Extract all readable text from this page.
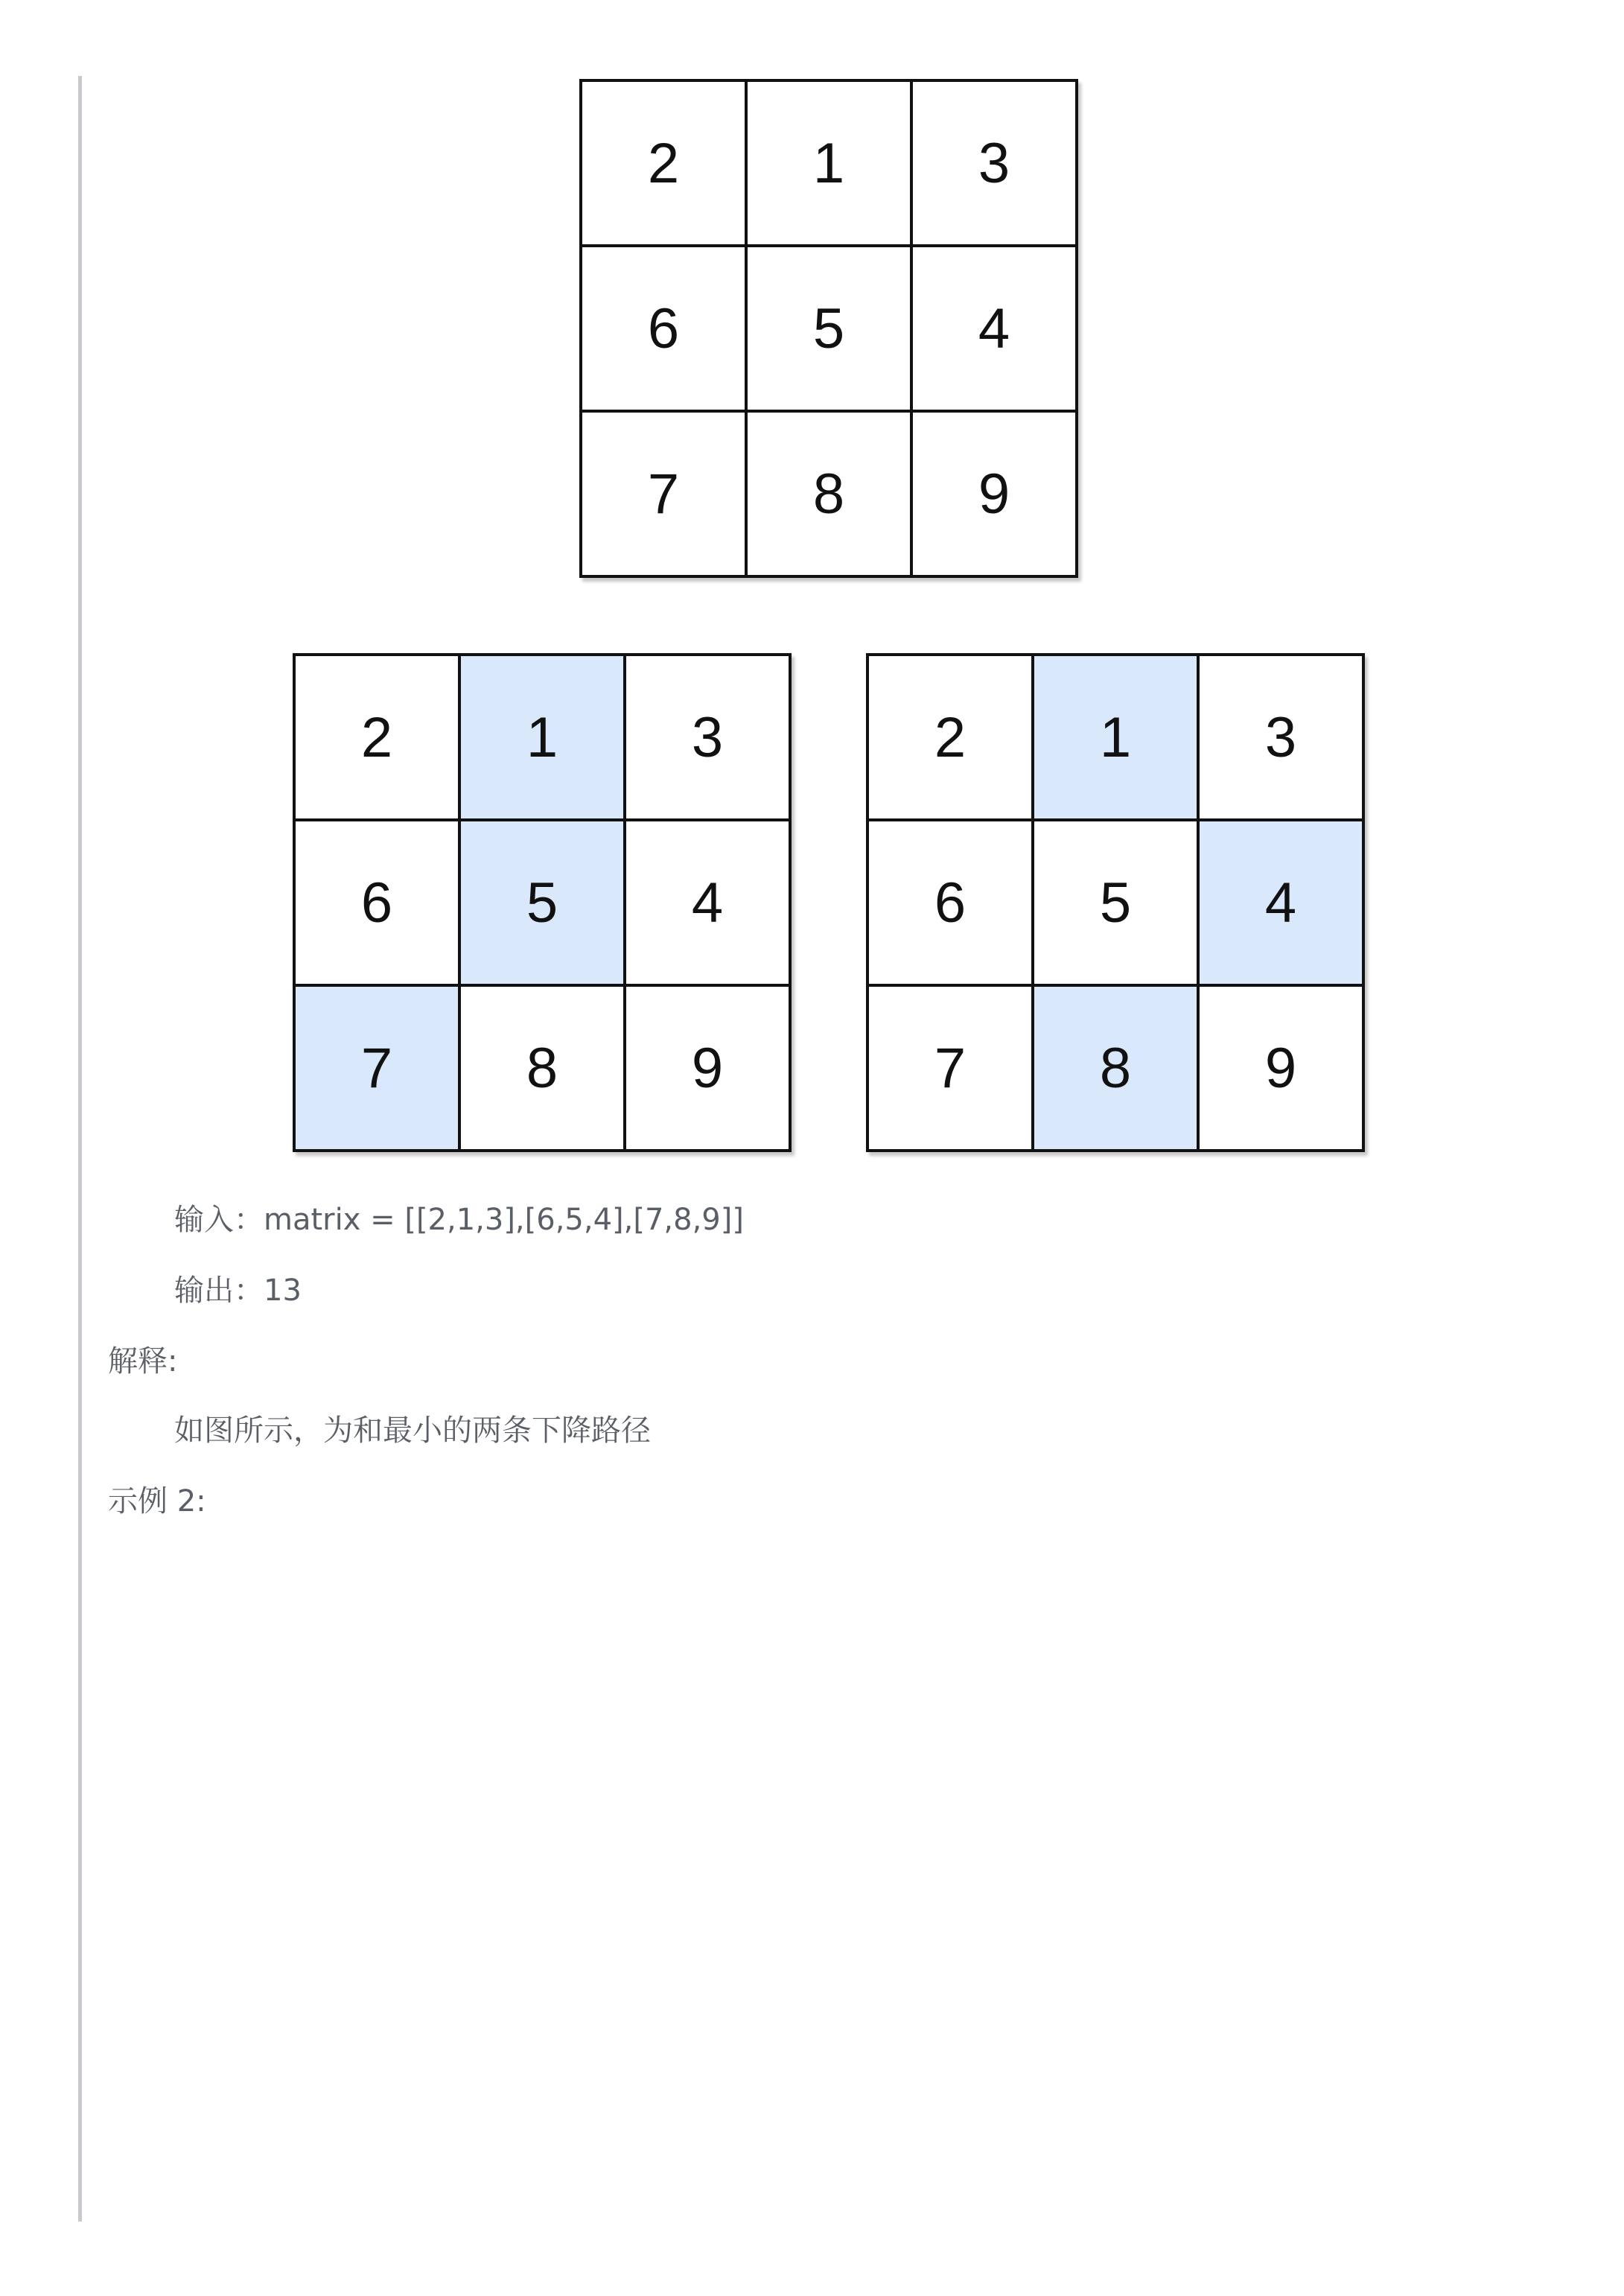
2	1	3
6	5	4
7	8	9
2	1	3
6	5	4
7	8	9
2	1	3
6	5	4
7	8	9
输入：matrix = [[2,1,3],[6,5,4],[7,8,9]]
输出：13
解释:
如图所示，为和最小的两条下降路径
示例 2:
